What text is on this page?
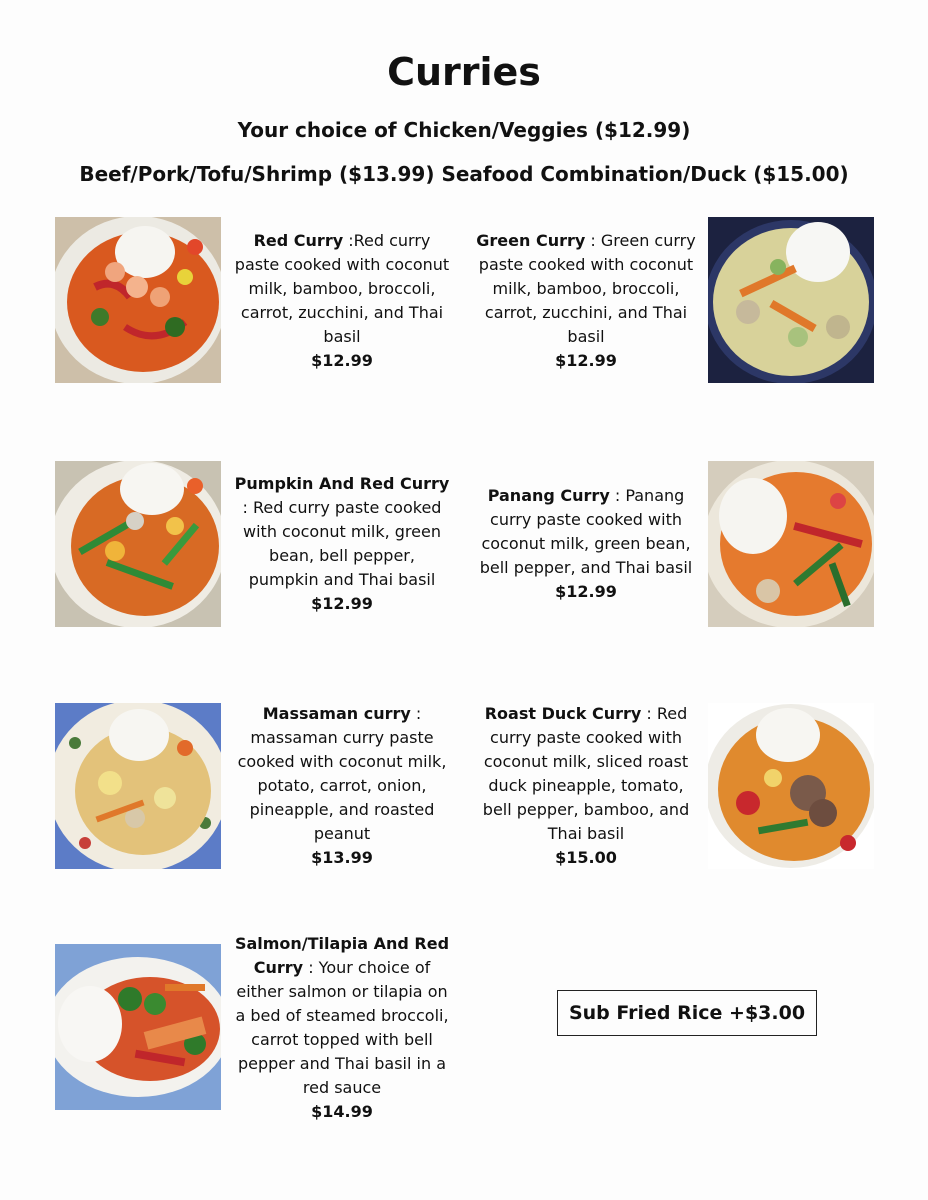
Curries
Your choice of Chicken/Veggies ($12.99)
Beef/Pork/Tofu/Shrimp ($13.99) Seafood Combination/Duck ($15.00)
Red Curry :Red curry paste cooked with coconut milk, bamboo, broccoli, carrot, zucchini, and Thai basil
$12.99
Green Curry : Green curry paste cooked with coconut milk, bamboo, broccoli, carrot, zucchini, and Thai basil
$12.99
Pumpkin And Red Curry : Red curry paste cooked with coconut milk, green bean, bell pepper, pumpkin and Thai basil
$12.99
Panang Curry : Panang curry paste cooked with coconut milk, green bean, bell pepper, and Thai basil
$12.99
Massaman curry : massaman curry paste cooked with coconut milk, potato, carrot, onion, pineapple, and roasted peanut
$13.99
Roast Duck Curry : Red curry paste cooked with coconut milk, sliced roast duck pineapple, tomato, bell pepper, bamboo, and Thai basil
$15.00
Salmon/Tilapia And Red Curry : Your choice of either salmon or tilapia on a bed of steamed broccoli, carrot topped with bell pepper and Thai basil in a red sauce
$14.99
Sub Fried Rice +$3.00
